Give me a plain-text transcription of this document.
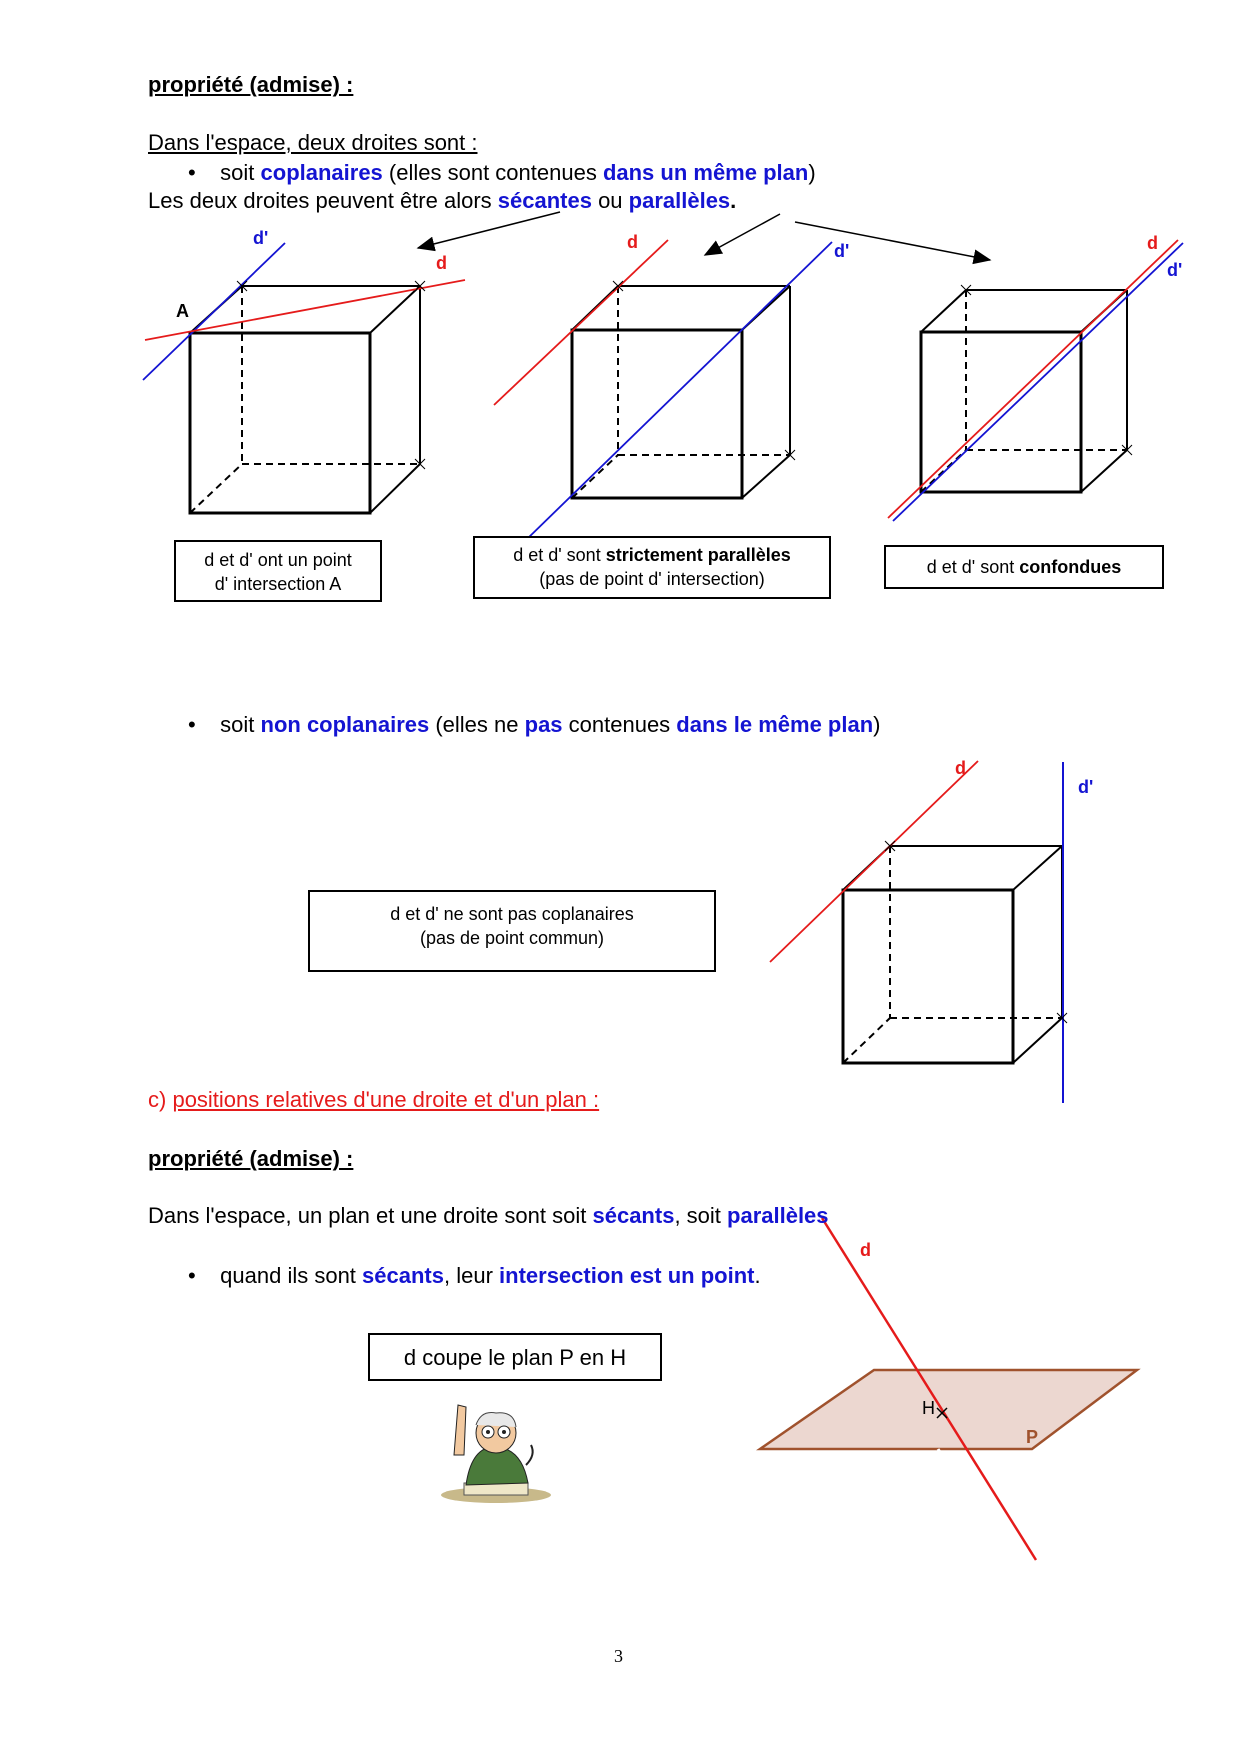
propriété (admise) :
Dans l'espace, deux droites sont :
• soit coplanaires (elles sont contenues dans un même plan)
Les deux droites peuvent être alors sécantes ou parallèles.
d'
d
A
d	d'	d
d'
d et d' ont un point
d' intersection A
d et d' sont strictement parallèles
(pas de point d' intersection)
d et d' sont confondues
• soit non coplanaires (elles ne pas contenues dans le même plan)
d
d'
d et d' ne sont pas coplanaires
(pas de point commun)
c) positions relatives d'une droite et d'un plan :
propriété (admise) :
Dans l'espace, un plan et une droite sont soit sécants, soit parallèles
• quand ils sont sécants, leur intersection est un point.
d
H
P
d coupe le plan P en H
3
